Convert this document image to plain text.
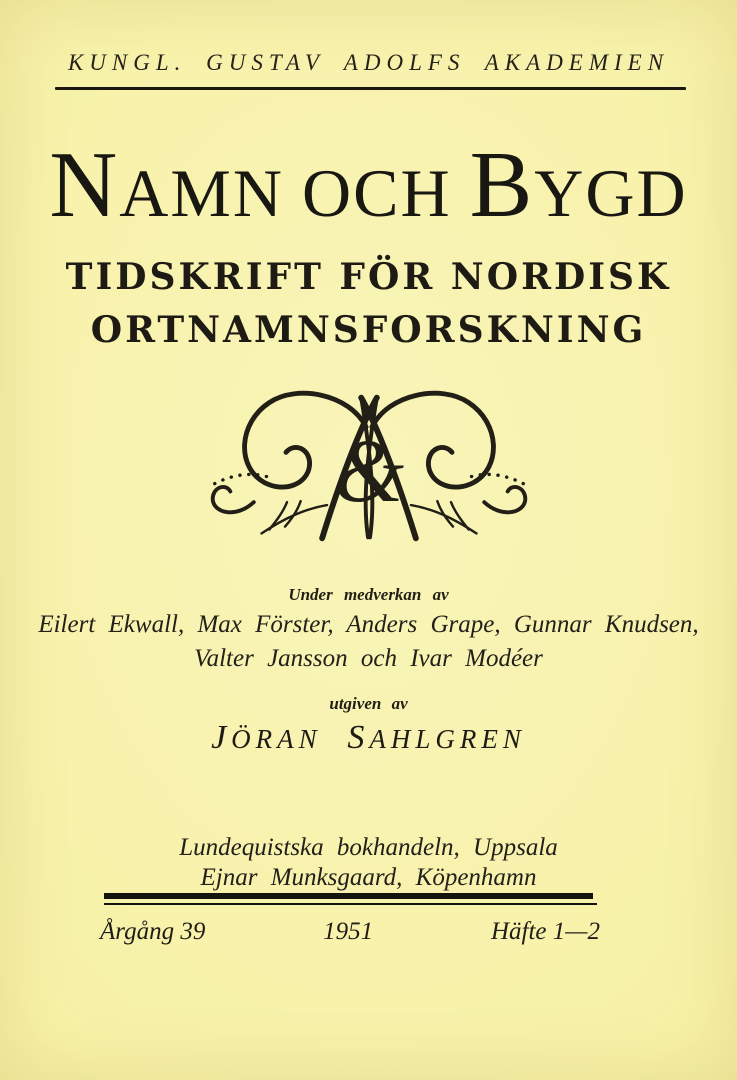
KUNGL. GUSTAV ADOLFS AKADEMIEN
NAMN OCH BYGD
TIDSKRIFT FÖR NORDISK
ORTNAMNSFORSKNING
&
Under medverkan av
Eilert Ekwall, Max Förster, Anders Grape, Gunnar Knudsen,
Valter Jansson och Ivar Modéer
utgiven av
JÖRAN SAHLGREN
Lundequistska bokhandeln, Uppsala
Ejnar Munksgaard, Köpenhamn
Årgång 39	1951	Häfte 1—2
